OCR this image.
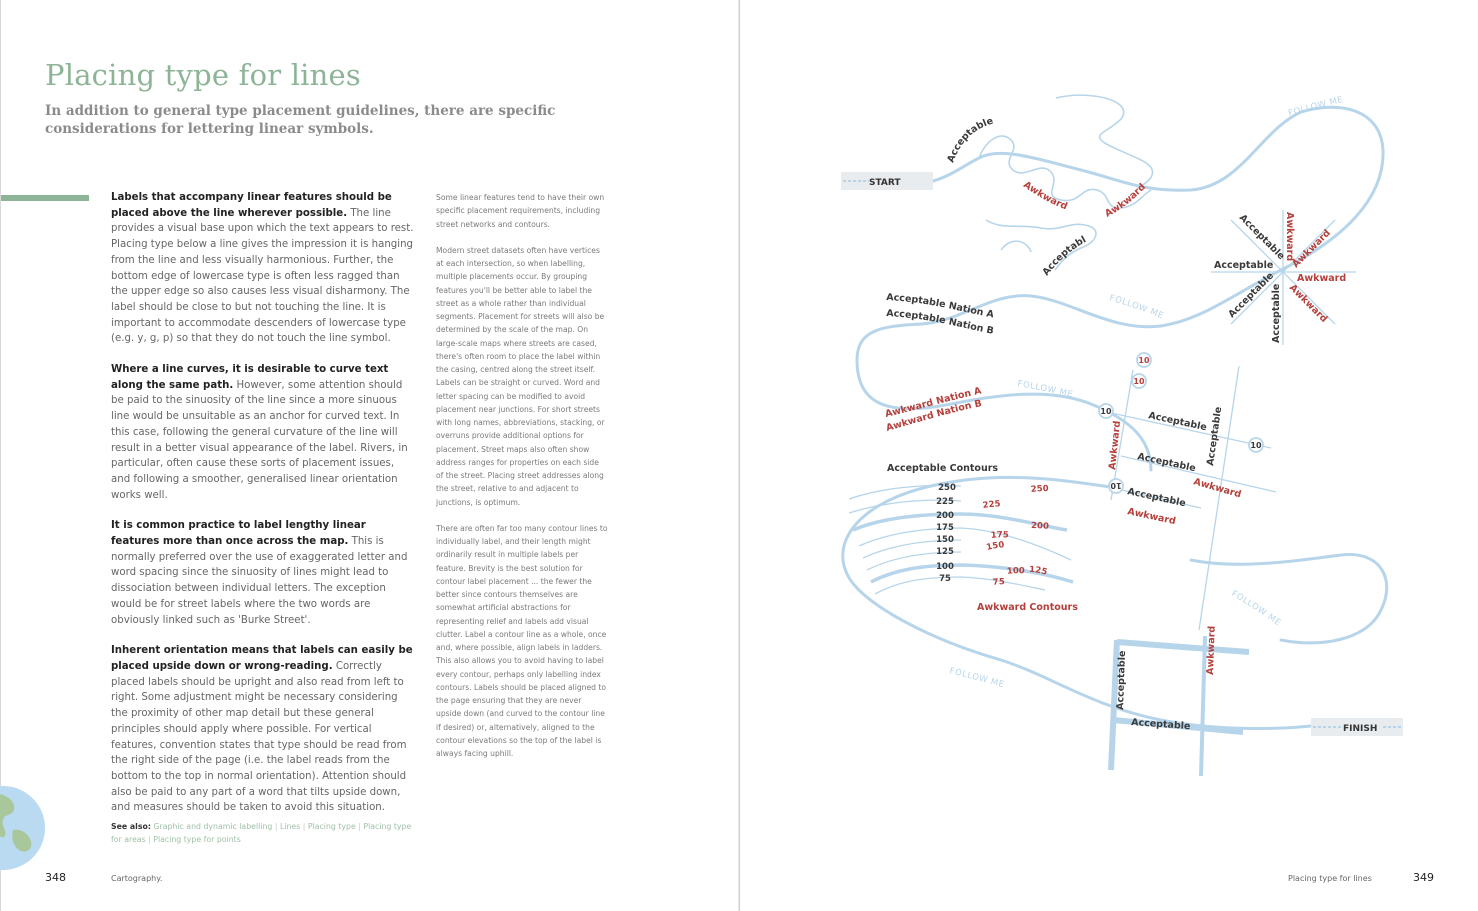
Placing type for lines
In addition to general type placement guidelines, there are specific considerations for lettering linear symbols.

Labels that accompany linear features should be placed above the line wherever possible. The line provides a visual base upon which the text appears to rest. Placing type below a line gives the impression it is hanging from the line and less visually harmonious. Further, the bottom edge of lowercase type is often less ragged than the upper edge so also causes less visual disharmony. The label should be close to but not touching the line. It is important to accommodate descenders of lowercase type (e.g. y, g, p) so that they do not touch the line symbol.

Where a line curves, it is desirable to curve text along the same path. However, some attention should be paid to the sinuosity of the line since a more sinuous line would be unsuitable as an anchor for curved text. In this case, following the general curvature of the line will result in a better visual appearance of the label. Rivers, in particular, often cause these sorts of placement issues, and following a smoother, generalised linear orientation works well.

It is common practice to label lengthy linear features more than once across the map. This is normally preferred over the use of exaggerated letter and word spacing since the sinuosity of lines might lead to dissociation between individual letters. The exception would be for street labels where the two words are obviously linked such as 'Burke Street'.

Inherent orientation means that labels can easily be placed upside down or wrong-reading. Correctly placed labels should be upright and also read from left to right. Some adjustment might be necessary considering the proximity of other map detail but these general principles should apply where possible. For vertical features, convention states that type should be read from the right side of the page (i.e. the label reads from the bottom to the top in normal orientation). Attention should also be paid to any part of a word that tilts upside down, and measures should be taken to avoid this situation.

Some linear features tend to have their own specific placement requirements, including street networks and contours.

Modern street datasets often have vertices at each intersection, so when labelling, multiple placements occur. By grouping features you'll be better able to label the street as a whole rather than individual segments. Placement for streets will also be determined by the scale of the map. On large-scale maps where streets are cased, there's often room to place the label within the casing, centred along the street itself. Labels can be straight or curved. Word and letter spacing can be modified to avoid placement near junctions. For short streets with long names, abbreviations, stacking, or overruns provide additional options for placement. Street maps also often show address ranges for properties on each side of the street. Placing street addresses along the street, relative to and adjacent to junctions, is optimum.

There are often far too many contour lines to individually label, and their length might ordinarily result in multiple labels per feature. Brevity is the best solution for contour label placement ... the fewer the better since contours themselves are somewhat artificial abstractions for representing relief and labels add visual clutter. Label a contour line as a whole, once and, where possible, align labels in ladders. This also allows you to avoid having to label every contour, perhaps only labelling index contours. Labels should be placed aligned to the page ensuring that they are never upside down (and curved to the contour line if desired) or, alternatively, aligned to the contour elevations so the top of the label is always facing uphill.

See also: Graphic and dynamic labelling | Lines | Placing type | Placing type for areas | Placing type for points
348	Cartography.
START
FINISH
FOLLOW ME
FOLLOW ME
FOLLOW ME
FOLLOW ME
FOLLOW ME
Acceptable
Acceptabl
Awkward
Awkward
Acceptable Nation A
Acceptable Nation B
Awkward Nation A
Awkward Nation B
Acceptable
Awkward
Acceptable Awkward
Acceptable Awkward
Acceptable
Awkward
Acceptable
Acceptable
Acceptable
Awkward
Awkward	Acceptable
Awkward
10
10
10
10
10
Acceptable Contours
Awkward Contours
250
225
200
175
150
125
100
75
250
225
200
175
150
125
100
75
Acceptable
Acceptable
Awkward
Placing type for lines	349
